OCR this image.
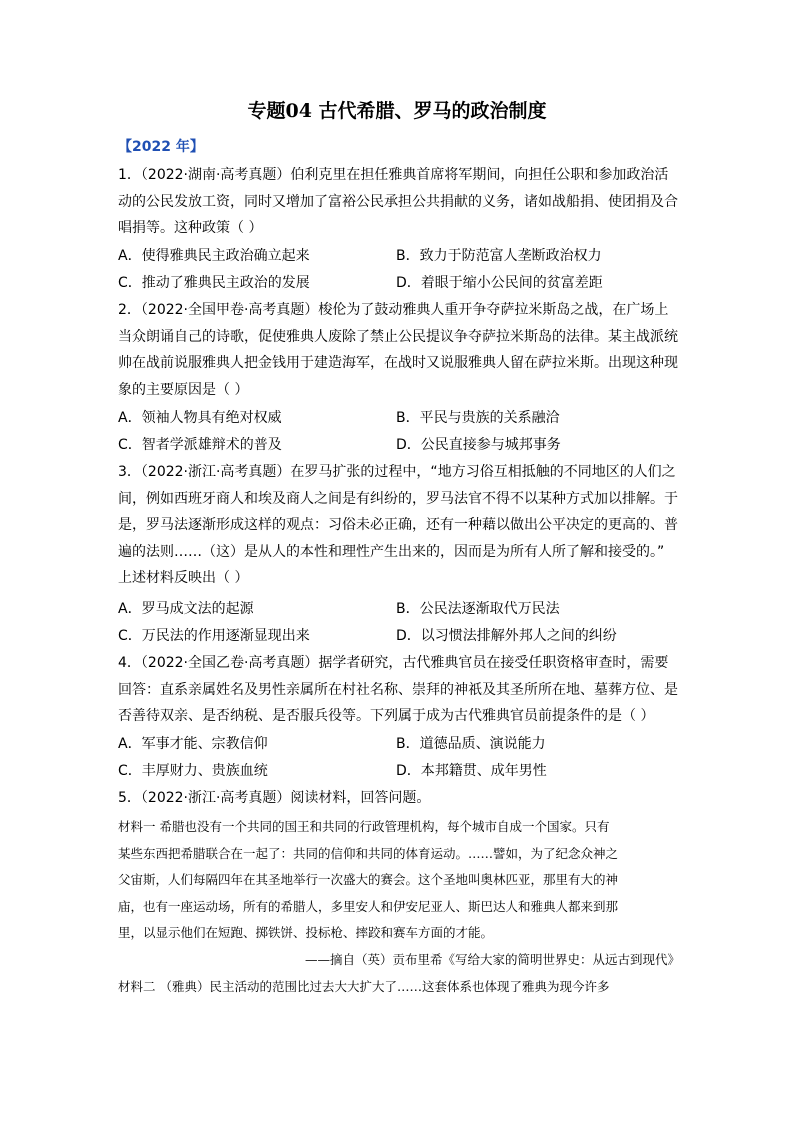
专题04 古代希腊、罗马的政治制度
【2022 年】
1．（2022·湖南·高考真题）伯利克里在担任雅典首席将军期间，向担任公职和参加政治活
动的公民发放工资，同时又增加了富裕公民承担公共捐献的义务，诸如战船捐、使团捐及合
唱捐等。这种政策（ ）
A．使得雅典民主政治确立起来	B．致力于防范富人垄断政治权力
C．推动了雅典民主政治的发展	D．着眼于缩小公民间的贫富差距
2．（2022·全国甲卷·高考真题）梭伦为了鼓动雅典人重开争夺萨拉米斯岛之战，在广场上
当众朗诵自己的诗歌，促使雅典人废除了禁止公民提议争夺萨拉米斯岛的法律。某主战派统
帅在战前说服雅典人把金钱用于建造海军，在战时又说服雅典人留在萨拉米斯。出现这种现
象的主要原因是（ ）
A．领袖人物具有绝对权威	B．平民与贵族的关系融洽
C．智者学派雄辩术的普及	D．公民直接参与城邦事务
3．（2022·浙江·高考真题）在罗马扩张的过程中，“地方习俗互相抵触的不同地区的人们之
间，例如西班牙商人和埃及商人之间是有纠纷的，罗马法官不得不以某种方式加以排解。于
是，罗马法逐渐形成这样的观点：习俗未必正确，还有一种藉以做出公平决定的更高的、普
遍的法则……（这）是从人的本性和理性产生出来的，因而是为所有人所了解和接受的。”
上述材料反映出（ ）
A．罗马成文法的起源	B．公民法逐渐取代万民法
C．万民法的作用逐渐显现出来	D．以习惯法排解外邦人之间的纠纷
4．（2022·全国乙卷·高考真题）据学者研究，古代雅典官员在接受任职资格审查时，需要
回答：直系亲属姓名及男性亲属所在村社名称、崇拜的神祇及其圣所所在地、墓葬方位、是
否善待双亲、是否纳税、是否服兵役等。下列属于成为古代雅典官员前提条件的是（ ）
A．军事才能、宗教信仰	B．道德品质、演说能力
C．丰厚财力、贵族血统	D．本邦籍贯、成年男性
5．（2022·浙江·高考真题）阅读材料，回答问题。
材料一 希腊也没有一个共同的国王和共同的行政管理机构，每个城市自成一个国家。只有
某些东西把希腊联合在一起了：共同的信仰和共同的体育运动。……譬如，为了纪念众神之
父宙斯，人们每隔四年在其圣地举行一次盛大的赛会。这个圣地叫奥林匹亚，那里有大的神
庙，也有一座运动场，所有的希腊人，多里安人和伊安尼亚人、斯巴达人和雅典人都来到那
里，以显示他们在短跑、掷铁饼、投标枪、摔跤和赛车方面的才能。
——摘自（英）贡布里希《写给大家的简明世界史：从远古到现代》
材料二 （雅典）民主活动的范围比过去大大扩大了……这套体系也体现了雅典为现今许多
